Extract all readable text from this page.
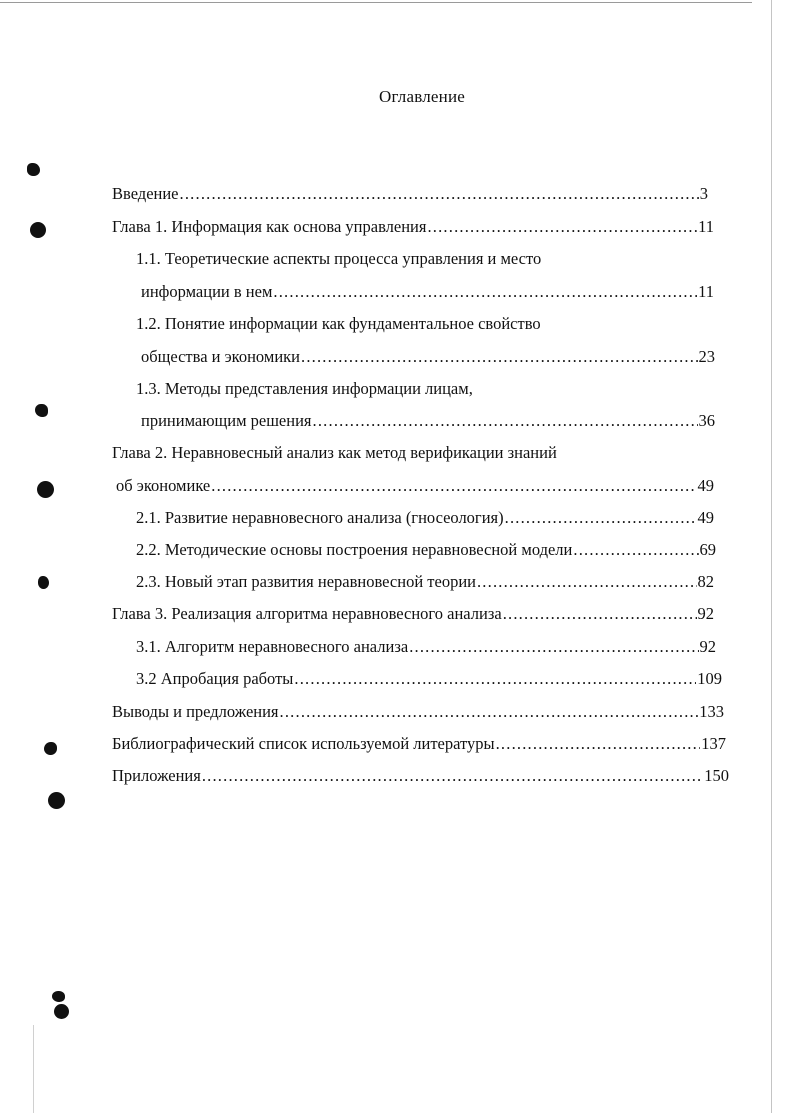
Оглавление
Введение .....	3
Глава 1. Информация как основа управления .....	11
1.1. Теоретические аспекты процесса управления и место
информации в нем .....	11
1.2. Понятие информации как фундаментальное свойство
общества и экономики .....	23
1.3. Методы представления информации лицам,
принимающим решения .....	36
Глава 2. Неравновесный анализ как метод верификации знаний
об экономике .....	49
2.1. Развитие неравновесного анализа (гносеология) .....	49
2.2. Методические основы построения неравновесной модели .....	69
2.3. Новый этап развития неравновесной теории .....	82
Глава 3. Реализация алгоритма неравновесного анализа .....	92
3.1. Алгоритм неравновесного анализа .....	92
3.2 Апробация работы .....	109
Выводы и предложения .....	133
Библиографический список используемой литературы .....	137
Приложения .....	150
